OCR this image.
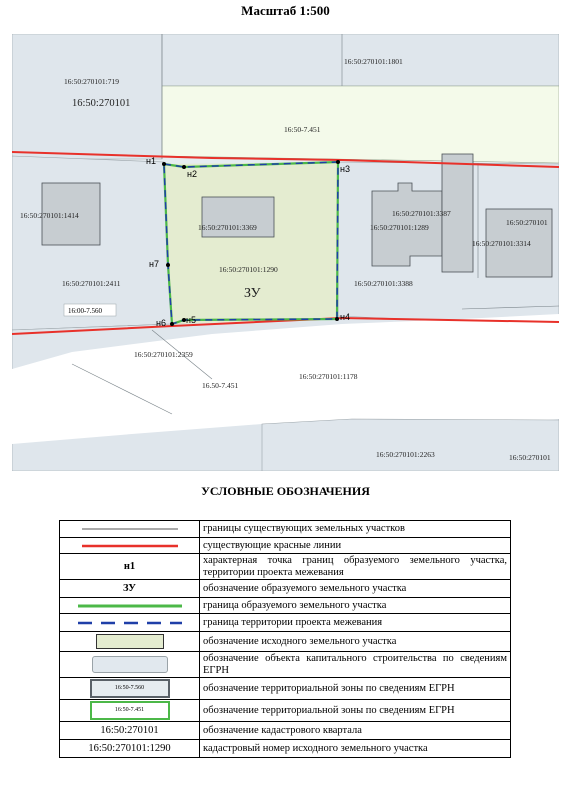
Масштаб 1:500
н1
н2	н3
н4
н5
н6
н7
16:50:270101:719
16:50:270101:1801
16:50:270101
16:50-7.451
16:50:270101:1414
16:50:270101:3369
16:50:270101:3387
16:50:270101:1289
16:50:270101
16:50:270101:3314
16:50:270101:1290
ЗУ
16:50:270101:2411	16:50:270101:3388
16:50:270101:2359
16.50-7.451
16:50:270101:1178
16:50:270101:2263	16:50:270101
16:00-7.560
УСЛОВНЫЕ ОБОЗНАЧЕНИЯ
	границы существующих земельных участков

	существующие красные линии
н1	характерная точка границ образуемого земельного участка, территории проекта межевания
ЗУ	обозначение образуемого земельного участка

	граница образуемого земельного участка

	граница территории проекта межевания

	обозначение исходного земельного участка

	обозначение объекта капитального строительства по сведениям ЕГРН

16:50-7.560	обозначение территориальной зоны по сведениям ЕГРН

16:50-7.451	обозначение территориальной зоны по сведениям ЕГРН
16:50:270101	обозначение кадастрового квартала
16:50:270101:1290	кадастровый номер исходного земельного участка
